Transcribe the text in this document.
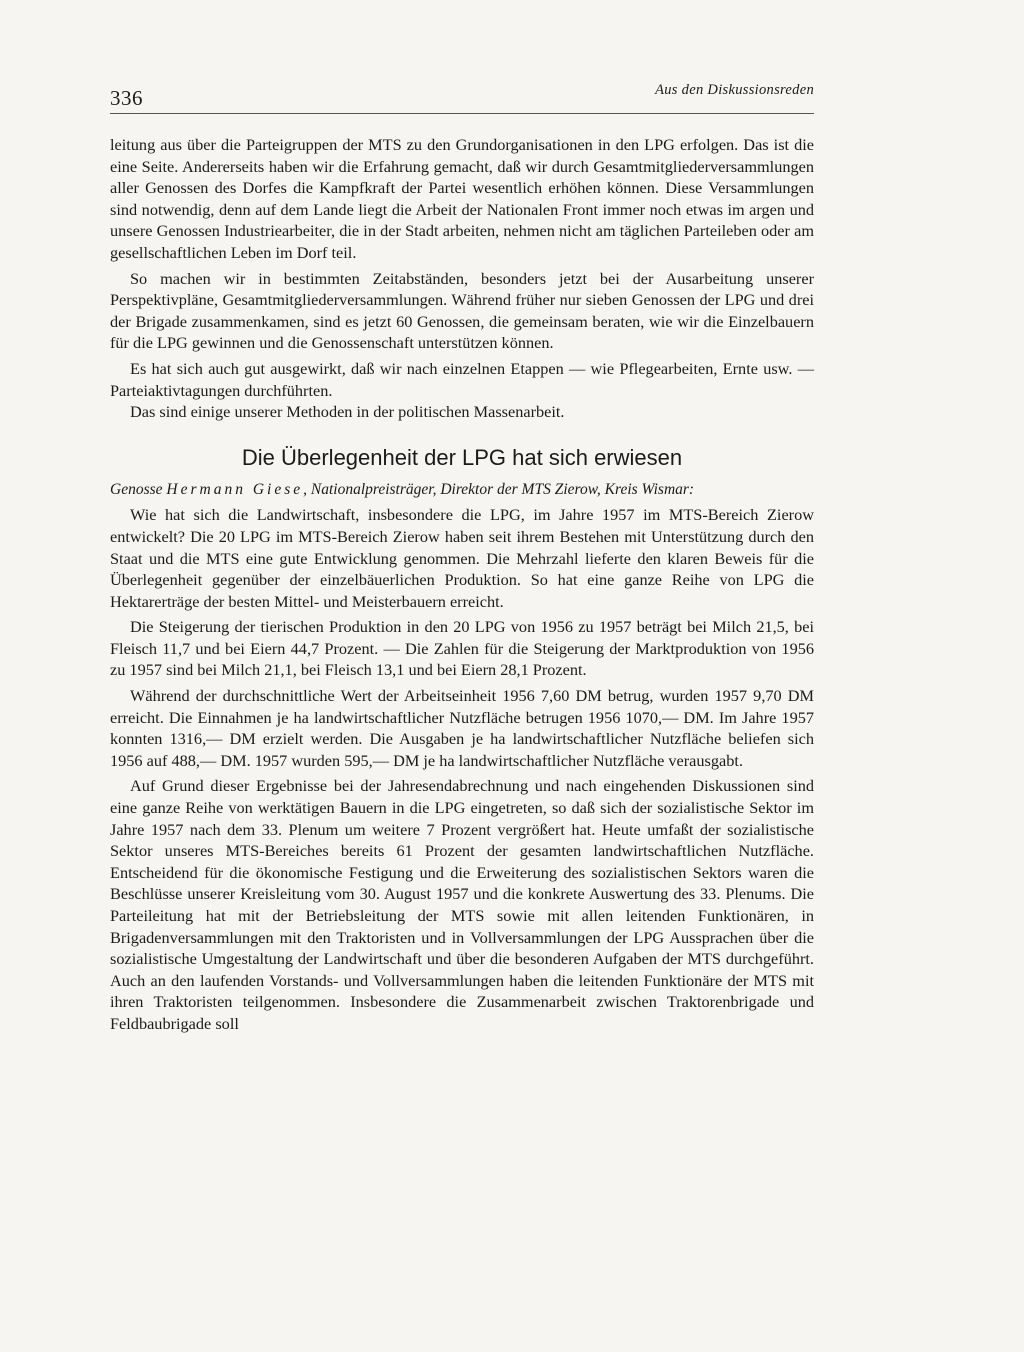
336	Aus den Diskussionsreden

leitung aus über die Parteigruppen der MTS zu den Grundorganisationen in den LPG erfolgen. Das ist die eine Seite. Andererseits haben wir die Erfahrung gemacht, daß wir durch Gesamtmitgliederversammlungen aller Genossen des Dorfes die Kampfkraft der Partei wesentlich erhöhen können. Diese Versammlungen sind notwendig, denn auf dem Lande liegt die Arbeit der Nationalen Front immer noch etwas im argen und unsere Genossen Industriearbeiter, die in der Stadt arbeiten, nehmen nicht am täglichen Parteileben oder am gesellschaftlichen Leben im Dorf teil.

So machen wir in bestimmten Zeitabständen, besonders jetzt bei der Ausarbeitung unserer Perspektivpläne, Gesamtmitgliederversammlungen. Während früher nur sieben Genossen der LPG und drei der Brigade zusammenkamen, sind es jetzt 60 Genossen, die gemeinsam beraten, wie wir die Einzelbauern für die LPG gewinnen und die Genossenschaft unterstützen können.

Es hat sich auch gut ausgewirkt, daß wir nach einzelnen Etappen — wie Pflegearbeiten, Ernte usw. — Parteiaktivtagungen durchführten.

Das sind einige unserer Methoden in der politischen Massenarbeit.

Die Überlegenheit der LPG hat sich erwiesen

Genosse Hermann Giese, Nationalpreisträger, Direktor der MTS Zierow, Kreis Wismar:

Wie hat sich die Landwirtschaft, insbesondere die LPG, im Jahre 1957 im MTS-Bereich Zierow entwickelt? Die 20 LPG im MTS-Bereich Zierow haben seit ihrem Bestehen mit Unterstützung durch den Staat und die MTS eine gute Entwicklung genommen. Die Mehrzahl lieferte den klaren Beweis für die Überlegenheit gegenüber der einzelbäuerlichen Produktion. So hat eine ganze Reihe von LPG die Hektarerträge der besten Mittel- und Meisterbauern erreicht.

Die Steigerung der tierischen Produktion in den 20 LPG von 1956 zu 1957 beträgt bei Milch 21,5, bei Fleisch 11,7 und bei Eiern 44,7 Prozent. — Die Zahlen für die Steigerung der Marktproduktion von 1956 zu 1957 sind bei Milch 21,1, bei Fleisch 13,1 und bei Eiern 28,1 Prozent.

Während der durchschnittliche Wert der Arbeitseinheit 1956 7,60 DM betrug, wurden 1957 9,70 DM erreicht. Die Einnahmen je ha landwirtschaftlicher Nutzfläche betrugen 1956 1070,— DM. Im Jahre 1957 konnten 1316,— DM erzielt werden. Die Ausgaben je ha landwirtschaftlicher Nutzfläche beliefen sich 1956 auf 488,— DM. 1957 wurden 595,— DM je ha landwirtschaftlicher Nutzfläche verausgabt.

Auf Grund dieser Ergebnisse bei der Jahresendabrechnung und nach eingehenden Diskussionen sind eine ganze Reihe von werktätigen Bauern in die LPG eingetreten, so daß sich der sozialistische Sektor im Jahre 1957 nach dem 33. Plenum um weitere 7 Prozent vergrößert hat. Heute umfaßt der sozialistische Sektor unseres MTS-Bereiches bereits 61 Prozent der gesamten landwirtschaftlichen Nutzfläche. Entscheidend für die ökonomische Festigung und die Erweiterung des sozialistischen Sektors waren die Beschlüsse unserer Kreisleitung vom 30. August 1957 und die konkrete Auswertung des 33. Plenums. Die Parteileitung hat mit der Betriebsleitung der MTS sowie mit allen leitenden Funktionären, in Brigadenversammlungen mit den Traktoristen und in Vollversammlungen der LPG Aussprachen über die sozialistische Umgestaltung der Landwirtschaft und über die besonderen Aufgaben der MTS durchgeführt. Auch an den laufenden Vorstands- und Vollversammlungen haben die leitenden Funktionäre der MTS mit ihren Traktoristen teilgenommen. Insbesondere die Zusammenarbeit zwischen Traktorenbrigade und Feldbaubrigade soll
